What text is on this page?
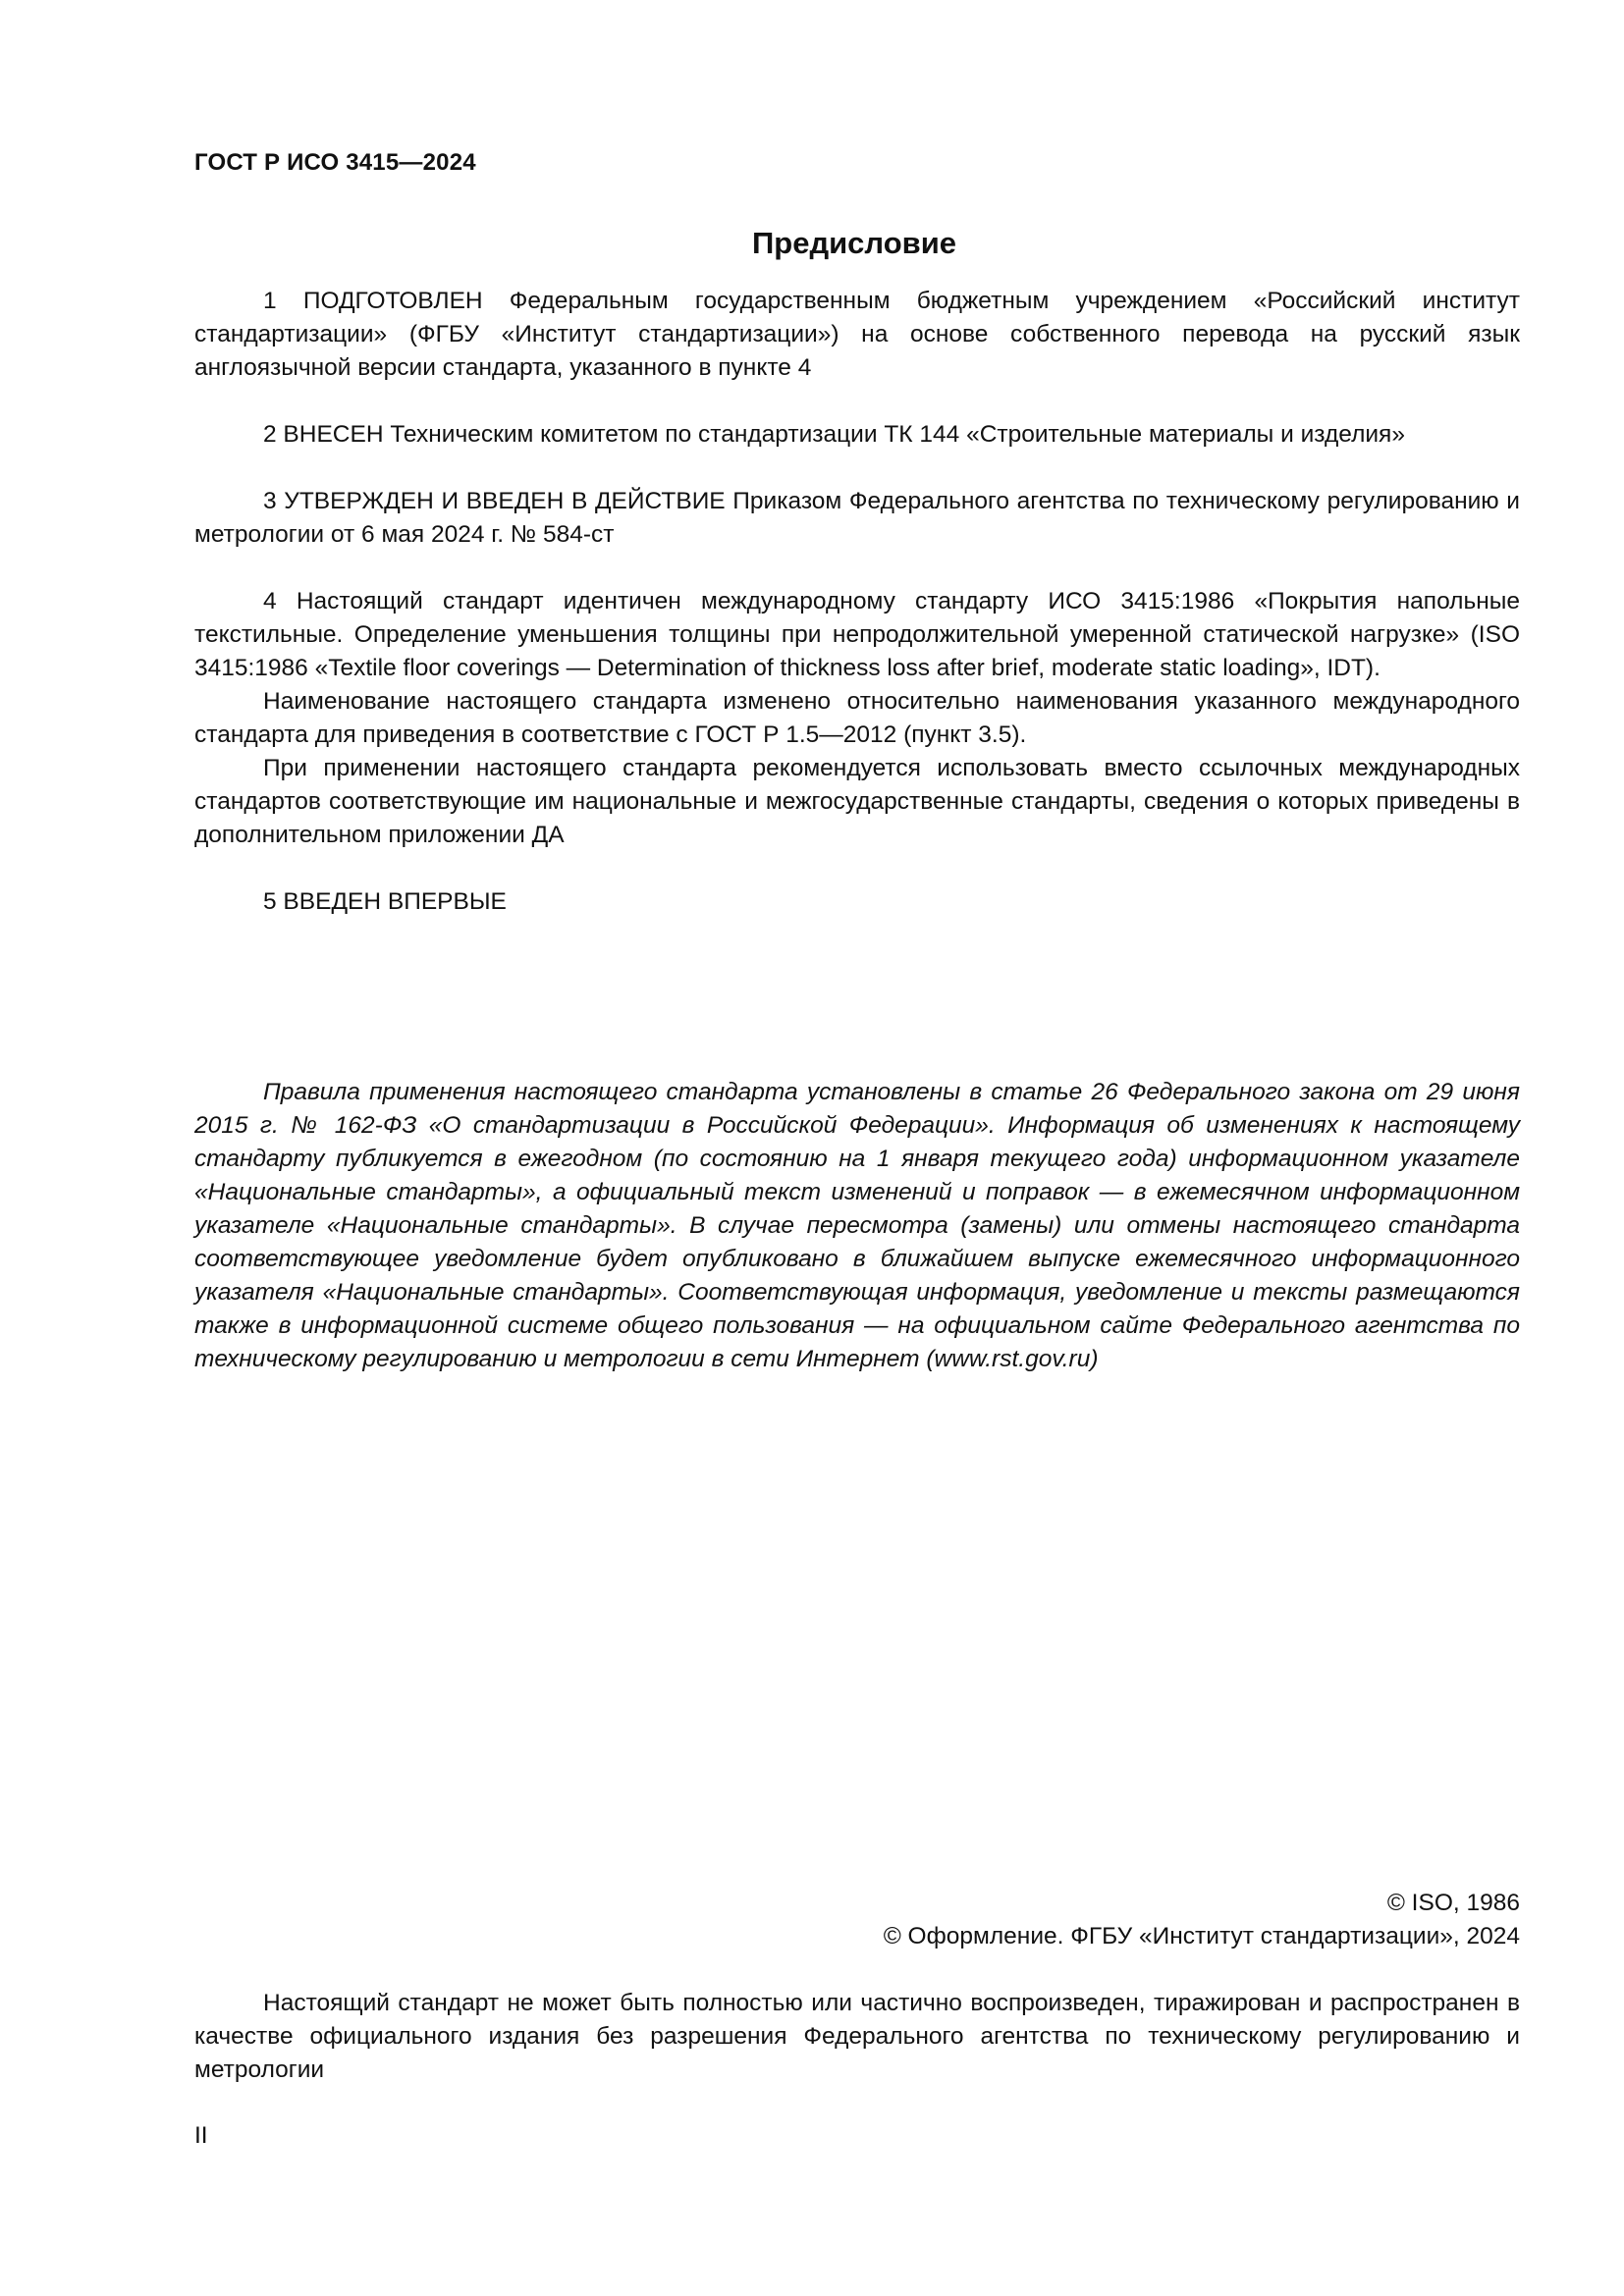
ГОСТ Р ИСО 3415—2024
Предисловие

1 ПОДГОТОВЛЕН Федеральным государственным бюджетным учреждением «Российский институт стандартизации» (ФГБУ «Институт стандартизации») на основе собственного перевода на русский язык англоязычной версии стандарта, указанного в пункте 4

2 ВНЕСЕН Техническим комитетом по стандартизации ТК 144 «Строительные материалы и изделия»

3 УТВЕРЖДЕН И ВВЕДЕН В ДЕЙСТВИЕ Приказом Федерального агентства по техническому регулированию и метрологии от 6 мая 2024 г. № 584-ст

4 Настоящий стандарт идентичен международному стандарту ИСО 3415:1986 «Покрытия напольные текстильные. Определение уменьшения толщины при непродолжительной умеренной статической нагрузке» (ISO 3415:1986 «Textile floor coverings — Determination of thickness loss after brief, moderate static loading», IDT).

Наименование настоящего стандарта изменено относительно наименования указанного международного стандарта для приведения в соответствие с ГОСТ Р 1.5—2012 (пункт 3.5).

При применении настоящего стандарта рекомендуется использовать вместо ссылочных международных стандартов соответствующие им национальные и межгосударственные стандарты, сведения о которых приведены в дополнительном приложении ДА

5 ВВЕДЕН ВПЕРВЫЕ

Правила применения настоящего стандарта установлены в статье 26 Федерального закона от 29 июня 2015 г. № 162-ФЗ «О стандартизации в Российской Федерации». Информация об изменениях к настоящему стандарту публикуется в ежегодном (по состоянию на 1 января текущего года) информационном указателе «Национальные стандарты», а официальный текст изменений и поправок — в ежемесячном информационном указателе «Национальные стандарты». В случае пересмотра (замены) или отмены настоящего стандарта соответствующее уведомление будет опубликовано в ближайшем выпуске ежемесячного информационного указателя «Национальные стандарты». Соответствующая информация, уведомление и тексты размещаются также в информационной системе общего пользования — на официальном сайте Федерального агентства по техническому регулированию и метрологии в сети Интернет (www.rst.gov.ru)

© ISO, 1986
© Оформление. ФГБУ «Институт стандартизации», 2024

Настоящий стандарт не может быть полностью или частично воспроизведен, тиражирован и распространен в качестве официального издания без разрешения Федерального агентства по техническому регулированию и метрологии

II
